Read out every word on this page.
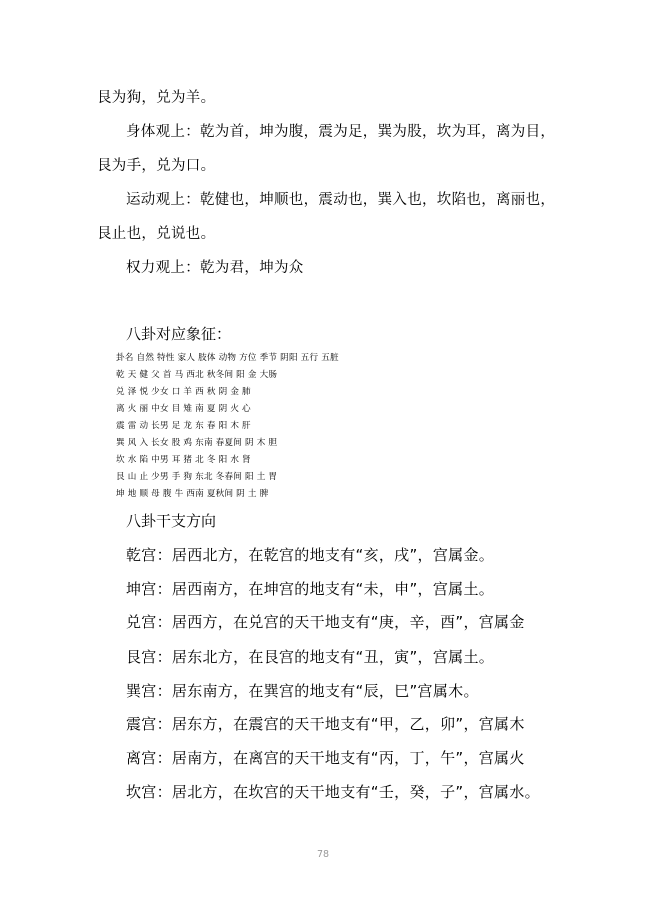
艮为狗，兑为羊。
身体观上：乾为首，坤为腹，震为足，巽为股，坎为耳，离为目，
艮为手，兑为口。
运动观上：乾健也，坤顺也，震动也，巽入也，坎陷也，离丽也，
艮止也，兑说也。
权力观上：乾为君，坤为众
八卦对应象征：
卦名 自然 特性 家人 肢体 动物 方位 季节 阴阳 五行 五脏
乾 天 健 父 首 马 西北 秋冬间 阳 金 大肠
兑 泽 悦 少女 口 羊 西 秋 阴 金 肺
离 火 丽 中女 目 雉 南 夏 阴 火 心
震 雷 动 长男 足 龙 东 春 阳 木 肝
巽 风 入 长女 股 鸡 东南 春夏间 阴 木 胆
坎 水 陷 中男 耳 猪 北 冬 阳 水 肾
艮 山 止 少男 手 狗 东北 冬春间 阳 土 胃
坤 地 顺 母 腹 牛 西南 夏秋间 阴 土 脾
八卦干支方向
乾宫：居西北方，在乾宫的地支有“亥，戌”，宫属金。
坤宫：居西南方，在坤宫的地支有“未，申”，宫属土。
兑宫：居西方，在兑宫的天干地支有“庚，辛，酉”，宫属金
艮宫：居东北方，在艮宫的地支有“丑，寅”，宫属土。
巽宫：居东南方，在巽宫的地支有“辰，巳”宫属木。
震宫：居东方，在震宫的天干地支有“甲，乙，卯”，宫属木
离宫：居南方，在离宫的天干地支有“丙，丁，午”，宫属火
坎宫：居北方，在坎宫的天干地支有“壬，癸，子”，宫属水。
78
